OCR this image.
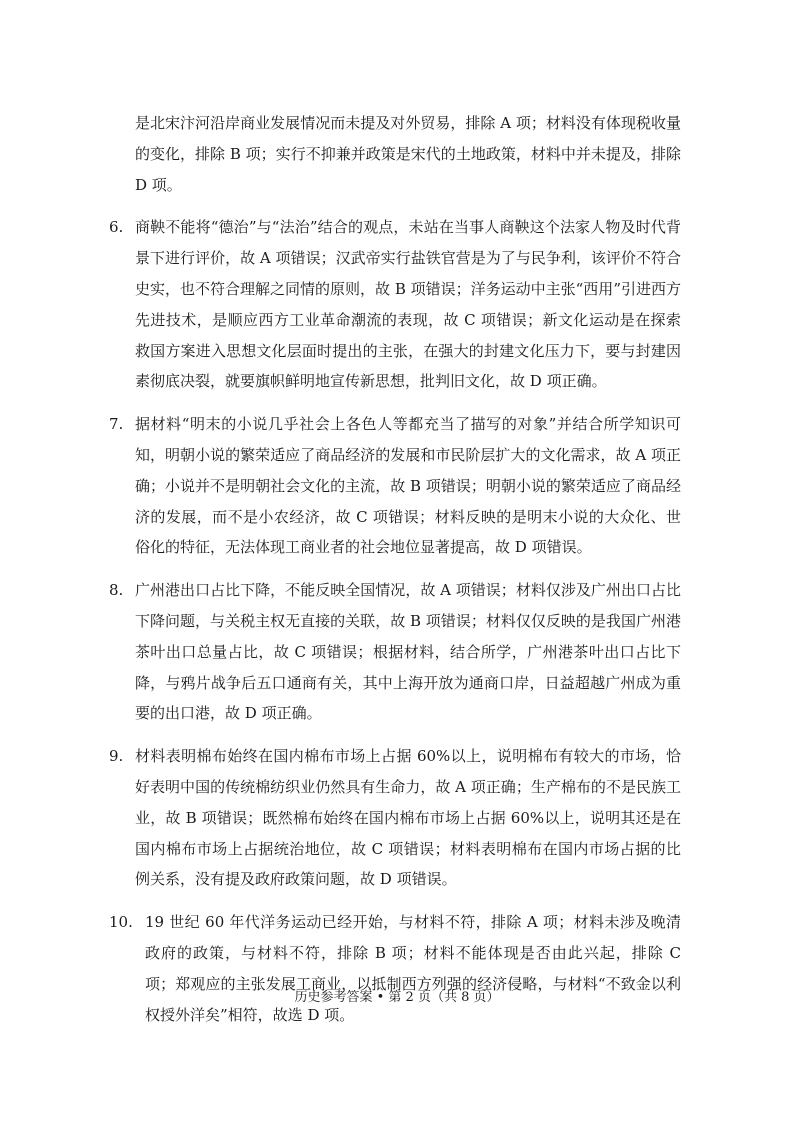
是北宋汴河沿岸商业发展情况而未提及对外贸易，排除 A 项；材料没有体现税收量的变化，排除 B 项；实行不抑兼并政策是宋代的土地政策，材料中并未提及，排除 D 项。

6. 商鞅不能将“德治”与“法治”结合的观点，未站在当事人商鞅这个法家人物及时代背景下进行评价，故 A 项错误；汉武帝实行盐铁官营是为了与民争利，该评价不符合史实，也不符合理解之同情的原则，故 B 项错误；洋务运动中主张“西用”引进西方先进技术，是顺应西方工业革命潮流的表现，故 C 项错误；新文化运动是在探索救国方案进入思想文化层面时提出的主张，在强大的封建文化压力下，要与封建因素彻底决裂，就要旗帜鲜明地宣传新思想，批判旧文化，故 D 项正确。
7. 据材料“明末的小说几乎社会上各色人等都充当了描写的对象”并结合所学知识可知，明朝小说的繁荣适应了商品经济的发展和市民阶层扩大的文化需求，故 A 项正确；小说并不是明朝社会文化的主流，故 B 项错误；明朝小说的繁荣适应了商品经济的发展，而不是小农经济，故 C 项错误；材料反映的是明末小说的大众化、世俗化的特征，无法体现工商业者的社会地位显著提高，故 D 项错误。
8. 广州港出口占比下降，不能反映全国情况，故 A 项错误；材料仅涉及广州出口占比下降问题，与关税主权无直接的关联，故 B 项错误；材料仅仅反映的是我国广州港茶叶出口总量占比，故 C 项错误；根据材料，结合所学，广州港茶叶出口占比下降，与鸦片战争后五口通商有关，其中上海开放为通商口岸，日益超越广州成为重要的出口港，故 D 项正确。
9. 材料表明棉布始终在国内棉布市场上占据 60%以上，说明棉布有较大的市场，恰好表明中国的传统棉纺织业仍然具有生命力，故 A 项正确；生产棉布的不是民族工业，故 B 项错误；既然棉布始终在国内棉布市场上占据 60%以上，说明其还是在国内棉布市场上占据统治地位，故 C 项错误；材料表明棉布在国内市场占据的比例关系，没有提及政府政策问题，故 D 项错误。
10. 19 世纪 60 年代洋务运动已经开始，与材料不符，排除 A 项；材料未涉及晚清政府的政策，与材料不符，排除 B 项；材料不能体现是否由此兴起，排除 C 项；郑观应的主张发展工商业，以抵制西方列强的经济侵略，与材料“不致金以利权授外洋矣”相符，故选 D 项。
历史参考答案 • 第 2 页（共 8 页）
